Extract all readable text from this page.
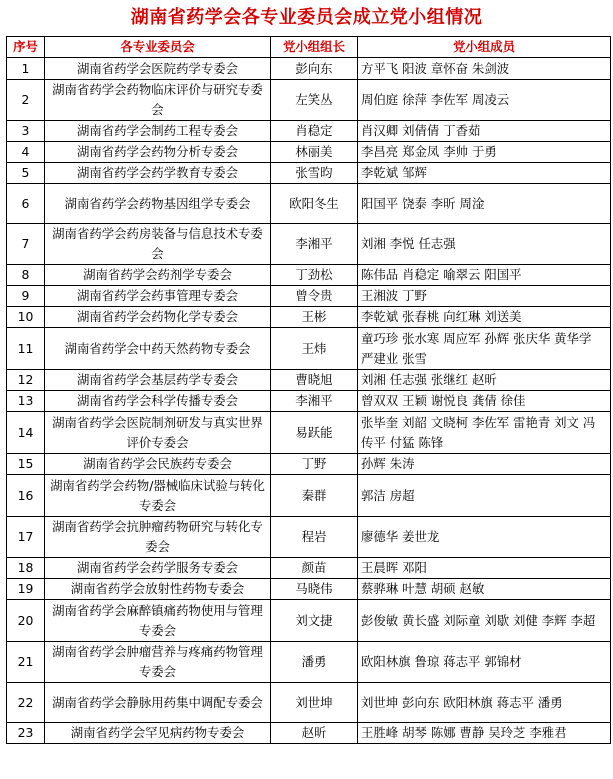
湖南省药学会各专业委员会成立党小组情况
序号	各专业委员会	党小组组长	党小组成员
1	湖南省药学会医院药学专委会	彭向东	方平飞 阳波 章怀奋 朱剑波
2	湖南省药学会药物临床评价与研究专委会	左笑丛	周伯庭 徐萍 李佐军 周凌云
3	湖南省药学会制药工程专委会	肖稳定	肖汉卿 刘倩倩 丁香茹
4	湖南省药学会药物分析专委会	林丽美	李昌亮 郑金凤 李帅 于勇
5	湖南省药学会药学教育专委会	张雪昀	李乾斌 邹辉
6	湖南省药学会药物基因组学专委会	欧阳冬生	阳国平 饶泰 李昕 周淦
7	湖南省药学会药房装备与信息技术专委会	李湘平	刘湘 李悦 任志强
8	湖南省药学会药剂学专委会	丁劲松	陈伟品 肖稳定 喻翠云 阳国平
9	湖南省药学会药事管理专委会	曾令贵	王湘波 丁野
10	湖南省药学会药物化学专委会	王彬	李乾斌 张春桃 向红琳 刘送美
11	湖南省药学会中药天然药物专委会	王炜	童巧珍 张水寒 周应军 孙辉 张庆华 黄华学 严建业 张雪
12	湖南省药学会基层药学专委会	曹晓旭	刘湘 任志强 张继红 赵昕
13	湖南省药学会科学传播专委会	李湘平	曾双双 王颖 谢悦良 龚倩 徐佳
14	湖南省药学会医院制剂研发与真实世界评价专委会	易跃能	张毕奎 刘韶 文晓柯 李佐军 雷艳青 刘文 冯传平 付猛 陈锋
15	湖南省药学会民族药专委会	丁野	孙辉 朱涛
16	湖南省药学会药物/器械临床试验与转化专委会	秦群	郭洁 房超
17	湖南省药学会抗肿瘤药物研究与转化专委会	程岩	廖德华 姜世龙
18	湖南省药学会药学服务专委会	颜苗	王晨晖 邓阳
19	湖南省药学会放射性药物专委会	马晓伟	蔡骅琳 叶慧 胡硕 赵敏
20	湖南省药学会麻醉镇痛药物使用与管理专委会	刘文捷	彭俊敏 黄长盛 刘际童 刘歇 刘健 李辉 李超
21	湖南省药学会肿瘤营养与疼痛药物管理专委会	潘勇	欧阳林旗 鲁琼 蒋志平 郭锦材
22	湖南省药学会静脉用药集中调配专委会	刘世坤	刘世坤 彭向东 欧阳林旗 蒋志平 潘勇
23	湖南省药学会罕见病药物专委会	赵昕	王胜峰 胡琴 陈娜 曹静 吴玲芝 李雅君
